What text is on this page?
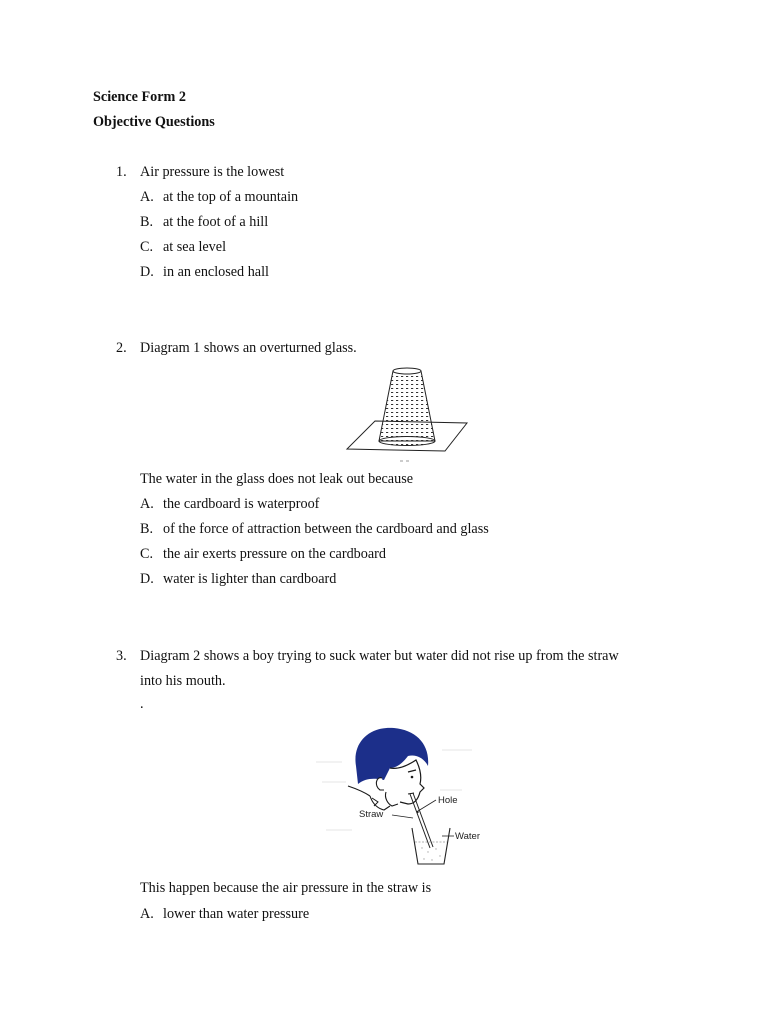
Science Form 2
Objective Questions
1. Air pressure is the lowest
A. at the top of a mountain
B. at the foot of a hill
C. at sea level
D. in an enclosed hall
2. Diagram 1 shows an overturned glass.
The water in the glass does not leak out because
A. the cardboard is waterproof
B. of the force of attraction between the cardboard and glass
C. the air exerts pressure on the cardboard
D. water is lighter than cardboard
3. Diagram 2 shows a boy trying to suck water but water did not rise up from the straw
into his mouth.
.
Hole
Straw
Water
This happen because the air pressure in the straw is
A. lower than water pressure
